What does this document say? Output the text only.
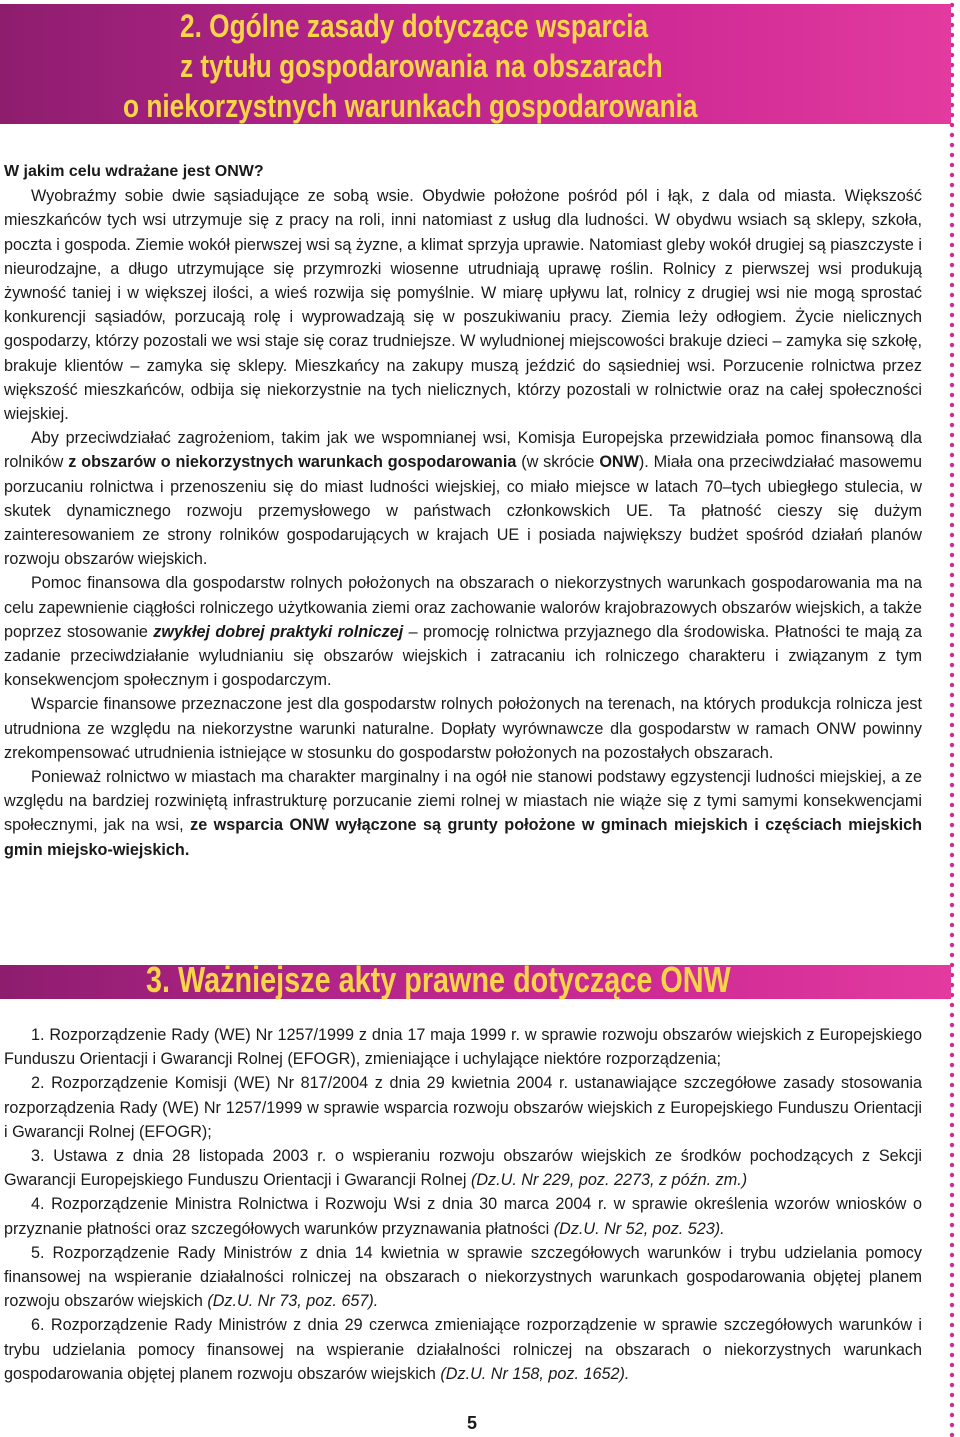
2. Ogólne zasady dotyczące wsparcia
z tytułu gospodarowania na obszarach
o niekorzystnych warunkach gospodarowania

W jakim celu wdrażane jest ONW?

Wyobraźmy sobie dwie sąsiadujące ze sobą wsie. Obydwie położone pośród pól i łąk, z dala od miasta. Większość mieszkańców tych wsi utrzymuje się z pracy na roli, inni natomiast z usług dla ludności. W obydwu wsiach są sklepy, szkoła, poczta i gospoda. Ziemie wokół pierwszej wsi są żyzne, a klimat sprzyja uprawie. Natomiast gleby wokół drugiej są piaszczyste i nieurodzajne, a długo utrzymujące się przymrozki wiosenne utrudniają uprawę roślin. Rolnicy z pierwszej wsi produkują żywność taniej i w większej ilości, a wieś rozwija się pomyślnie. W miarę upływu lat, rolnicy z drugiej wsi nie mogą sprostać konkurencji sąsiadów, porzucają rolę i wyprowadzają się w poszukiwaniu pracy. Ziemia leży odłogiem. Życie nielicznych gospodarzy, którzy pozostali we wsi staje się coraz trudniejsze. W wyludnionej miejscowości brakuje dzieci – zamyka się szkołę, brakuje klientów – zamyka się sklepy. Mieszkańcy na zakupy muszą jeździć do sąsiedniej wsi. Porzucenie rolnictwa przez większość mieszkańców, odbija się niekorzystnie na tych nielicznych, którzy pozostali w rolnictwie oraz na całej społeczności wiejskiej.

Aby przeciwdziałać zagrożeniom, takim jak we wspomnianej wsi, Komisja Europejska przewidziała pomoc finansową dla rolników z obszarów o niekorzystnych warunkach gospodarowania (w skrócie ONW). Miała ona przeciwdziałać masowemu porzucaniu rolnictwa i przenoszeniu się do miast ludności wiejskiej, co miało miejsce w latach 70–tych ubiegłego stulecia, w skutek dynamicznego rozwoju przemysłowego w państwach członkowskich UE. Ta płatność cieszy się dużym zainteresowaniem ze strony rolników gospodarujących w krajach UE i posiada największy budżet spośród działań planów rozwoju obszarów wiejskich.

Pomoc finansowa dla gospodarstw rolnych położonych na obszarach o niekorzystnych warunkach gospodarowania ma na celu zapewnienie ciągłości rolniczego użytkowania ziemi oraz zachowanie walorów krajobrazowych obszarów wiejskich, a także poprzez stosowanie zwykłej dobrej praktyki rolniczej – promocję rolnictwa przyjaznego dla środowiska. Płatności te mają za zadanie przeciwdziałanie wyludnianiu się obszarów wiejskich i zatracaniu ich rolniczego charakteru i związanym z tym konsekwencjom społecznym i gospodarczym.

Wsparcie finansowe przeznaczone jest dla gospodarstw rolnych położonych na terenach, na których produkcja rolnicza jest utrudniona ze względu na niekorzystne warunki naturalne. Dopłaty wyrównawcze dla gospodarstw w ramach ONW powinny zrekompensować utrudnienia istniejące w stosunku do gospodarstw położonych na pozostałych obszarach.

Ponieważ rolnictwo w miastach ma charakter marginalny i na ogół nie stanowi podstawy egzystencji ludności miejskiej, a ze względu na bardziej rozwiniętą infrastrukturę porzucanie ziemi rolnej w miastach nie wiąże się z tymi samymi konsekwencjami społecznymi, jak na wsi, ze wsparcia ONW wyłączone są grunty położone w gminach miejskich i częściach miejskich gmin miejsko-wiejskich.

3. Ważniejsze akty prawne dotyczące ONW

1. Rozporządzenie Rady (WE) Nr 1257/1999 z dnia 17 maja 1999 r. w sprawie rozwoju obszarów wiejskich z Europejskiego Funduszu Orientacji i Gwarancji Rolnej (EFOGR), zmieniające i uchylające niektóre rozporządzenia;

2. Rozporządzenie Komisji (WE) Nr 817/2004 z dnia 29 kwietnia 2004 r. ustanawiające szczegółowe zasady stosowania rozporządzenia Rady (WE) Nr 1257/1999 w sprawie wsparcia rozwoju obszarów wiejskich z Europejskiego Funduszu Orientacji i Gwarancji Rolnej (EFOGR);

3. Ustawa z dnia 28 listopada 2003 r. o wspieraniu rozwoju obszarów wiejskich ze środków pochodzących z Sekcji Gwarancji Europejskiego Funduszu Orientacji i Gwarancji Rolnej (Dz.U. Nr 229, poz. 2273, z późn. zm.)

4. Rozporządzenie Ministra Rolnictwa i Rozwoju Wsi z dnia 30 marca 2004 r. w sprawie określenia wzorów wniosków o przyznanie płatności oraz szczegółowych warunków przyznawania płatności (Dz.U. Nr 52, poz. 523).

5. Rozporządzenie Rady Ministrów z dnia 14 kwietnia w sprawie szczegółowych warunków i trybu udzielania pomocy finansowej na wspieranie działalności rolniczej na obszarach o niekorzystnych warunkach gospodarowania objętej planem rozwoju obszarów wiejskich (Dz.U. Nr 73, poz. 657).

6. Rozporządzenie Rady Ministrów z dnia 29 czerwca zmieniające rozporządzenie w sprawie szczegółowych warunków i trybu udzielania pomocy finansowej na wspieranie działalności rolniczej na obszarach o niekorzystnych warunkach gospodarowania objętej planem rozwoju obszarów wiejskich (Dz.U. Nr 158, poz. 1652).

5
